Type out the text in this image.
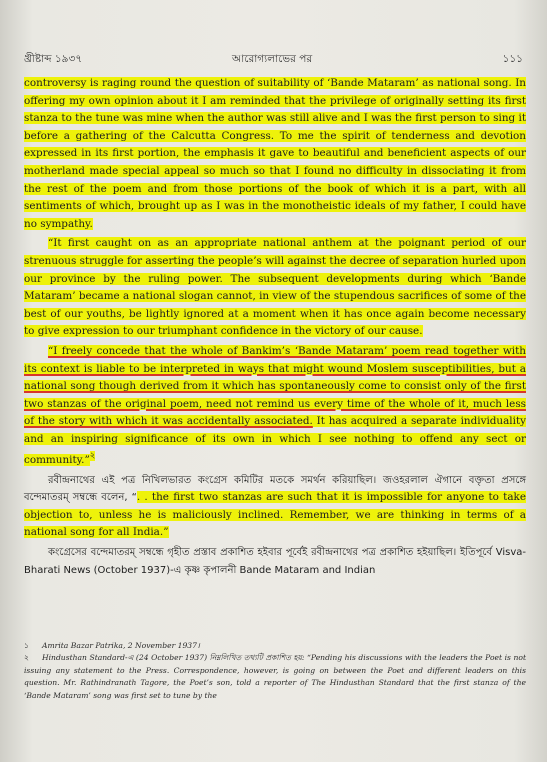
খ্রীষ্টাব্দ ১৯৩৭	আরোগ্যলাভের পর	১১১

controversy is raging round the question of suitability of ‘Bande Mataram’ as national song. In offering my own opinion about it I am reminded that the privilege of originally setting its first stanza to the tune was mine when the author was still alive and I was the first person to sing it before a gathering of the Calcutta Congress. To me the spirit of tenderness and devotion expressed in its first portion, the emphasis it gave to beautiful and beneficient aspects of our motherland made special appeal so much so that I found no difficulty in dissociating it from the rest of the poem and from those portions of the book of which it is a part, with all sentiments of which, brought up as I was in the monotheistic ideals of my father, I could have no sympathy.

“It first caught on as an appropriate national anthem at the poignant period of our strenuous struggle for asserting the people’s will against the decree of separation hurled upon our province by the ruling power. The subsequent developments during which ‘Bande Mataram’ became a national slogan cannot, in view of the stupendous sacrifices of some of the best of our youths, be lightly ignored at a moment when it has once again become necessary to give expression to our triumphant confidence in the victory of our cause.

“I freely concede that the whole of Bankim’s ‘Bande Mataram’ poem read together with its context is liable to be interpreted in ways that might wound Moslem susceptibilities, but a national song though derived from it which has spontaneously come to consist only of the first two stanzas of the original poem, need not remind us every time of the whole of it, much less of the story with which it was accidentally associated. It has acquired a separate individuality and an inspiring significance of its own in which I see nothing to offend any sect or community.”$^২$

রবীন্দ্রনাথের এই পত্র নিখিলভারত কংগ্রেস কমিটির মতকে সমর্থন করিয়াছিল। জওহরলাল ঐগানে বক্তৃতা প্রসঙ্গে বন্দেমাতরম্‌ সম্বন্ধে বলেন, “. . the first two stanzas are such that it is impossible for anyone to take objection to, unless he is maliciously inclined. Remember, we are thinking in terms of a national song for all India.”

কংগ্রেসের বন্দেমাতরম্‌ সম্বন্ধে গৃহীত প্রস্তাব প্রকাশিত হইবার পূর্বেই রবীন্দ্রনাথের পত্র প্রকাশিত হইয়াছিল। ইতিপূর্বে Visva-Bharati News (October 1937)-এ কৃষ্ণ কৃপালনী Bande Mataram and Indian

১ Amrita Bazar Patrika, 2 November 1937।

২ Hindusthan Standard-এ (24 October 1937) নিম্নলিখিত তথ্যটি প্রকাশিত হয়: “Pending his discussions with the leaders the Poet is not issuing any statement to the Press. Correspondence, however, is going on between the Poet and different leaders on this question. Mr. Rathindranath Tagore, the Poet’s son, told a reporter of The Hindusthan Standard that the first stanza of the ‘Bande Mataram’ song was first set to tune by the
